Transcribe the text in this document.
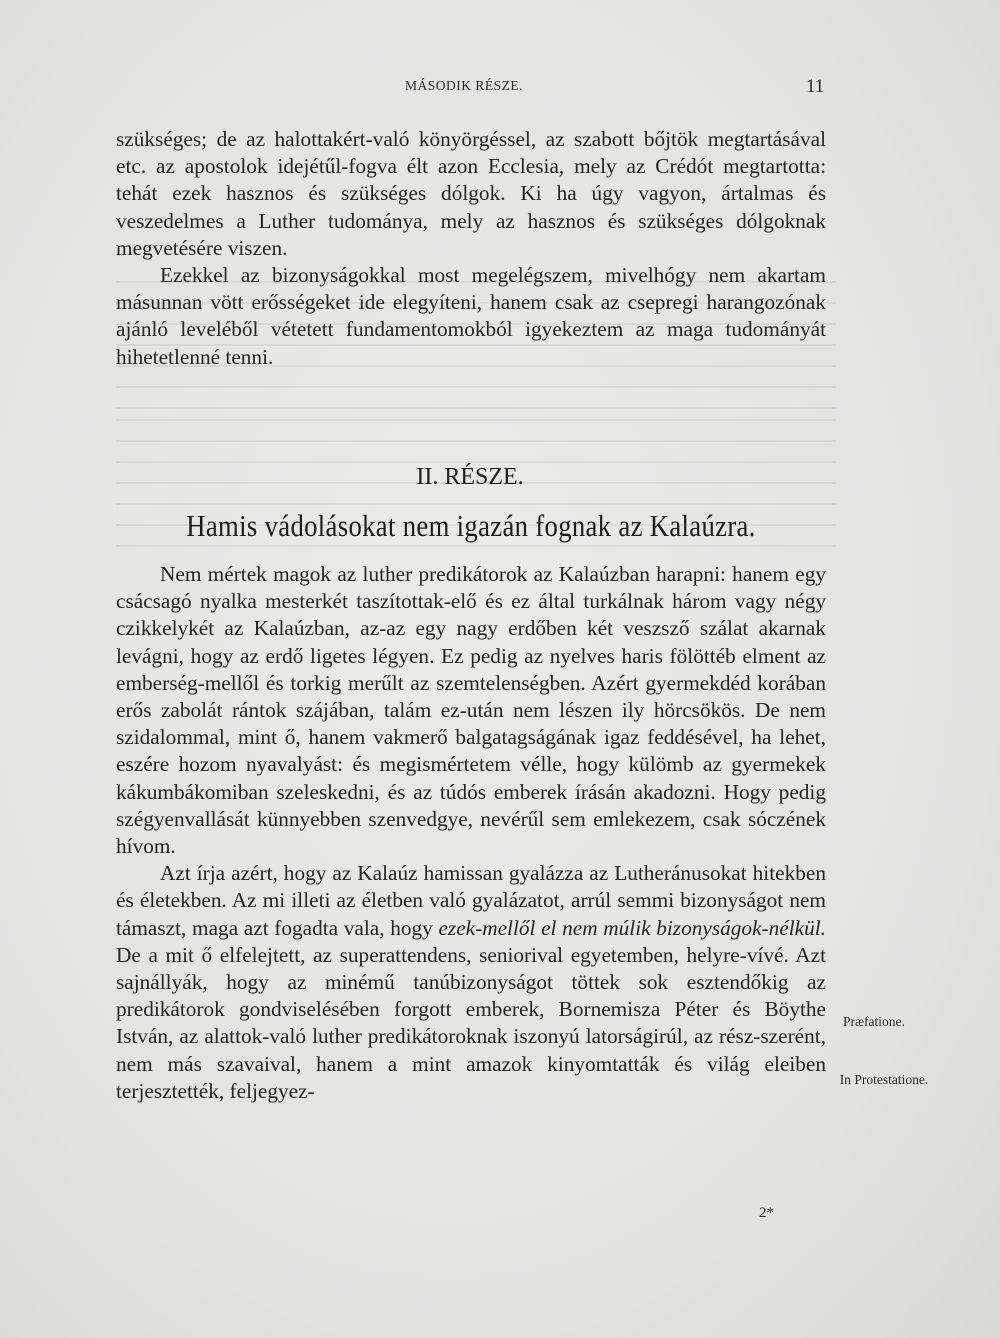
MÁSODIK RÉSZE.	11

szükséges; de az halottakért-való könyörgéssel, az szabott bőjtök megtartásával etc. az apostolok idejétűl-fogva élt azon Ecclesia, mely az Crédót megtartotta: tehát ezek hasznos és szükséges dólgok. Ki ha úgy vagyon, ártalmas és veszedelmes a Luther tudománya, mely az hasznos és szükséges dólgoknak megvetésére viszen.

Ezekkel az bizonyságokkal most megelégszem, mivelhógy nem akartam másunnan vött erősségeket ide elegyíteni, hanem csak az csepregi harangozónak ajánló leveléből vétetett fundamentomokból igyekeztem az maga tudományát hihetetlenné tenni.

II. RÉSZE.
Hamis vádolásokat nem igazán fognak az Kalaúzra.

Nem mértek magok az luther predikátorok az Kalaúzban harapni: hanem egy csácsagó nyalka mesterkét taszítottak-elő és ez által turkálnak három vagy négy czikkelykét az Kalaúzban, az-az egy nagy erdőben két veszsző szálat akarnak levágni, hogy az erdő ligetes légyen. Ez pedig az nyelves haris fölöttéb elment az emberség-mellől és torkig merűlt az szemtelenségben. Azért gyermekdéd korában erős zabolát rántok szájában, talám ez-után nem lészen ily hörcsökös. De nem szidalommal, mint ő, hanem vakmerő balgatagságának igaz feddésével, ha lehet, eszére hozom nyavalyást: és megismértetem vélle, hogy külömb az gyermekek kákumbákomiban szeleskedni, és az túdós emberek írásán akadozni. Hogy pedig szégyenvallását künnyebben szenvedgye, nevérűl sem emlekezem, csak sóczének hívom.

Azt írja azért, hogy az Kalaúz hamissan gyalázza az Lutheránusokat hitekben és életekben. Az mi illeti az életben való gyalázatot, arrúl semmi bizonyságot nem támaszt, maga azt fogadta vala, hogy ezek-mellől el nem múlik bizonyságok-nélkül. De a mit ő elfelejtett, az superattendens, seniorival egyetemben, helyre-vívé. Azt sajnállyák, hogy az minémű tanúbizonyságot töttek sok esztendőkig az predikátorok gondviselésében forgott emberek, Bornemisza Péter és Böythe István, az alattok-való luther predikátoroknak iszonyú latorságirúl, az rész-szerént, nem más szavaival, hanem a mint amazok kinyomtatták és világ eleiben terjesztették, feljegyez-

Præfatione.
In Protestatione.
2*
